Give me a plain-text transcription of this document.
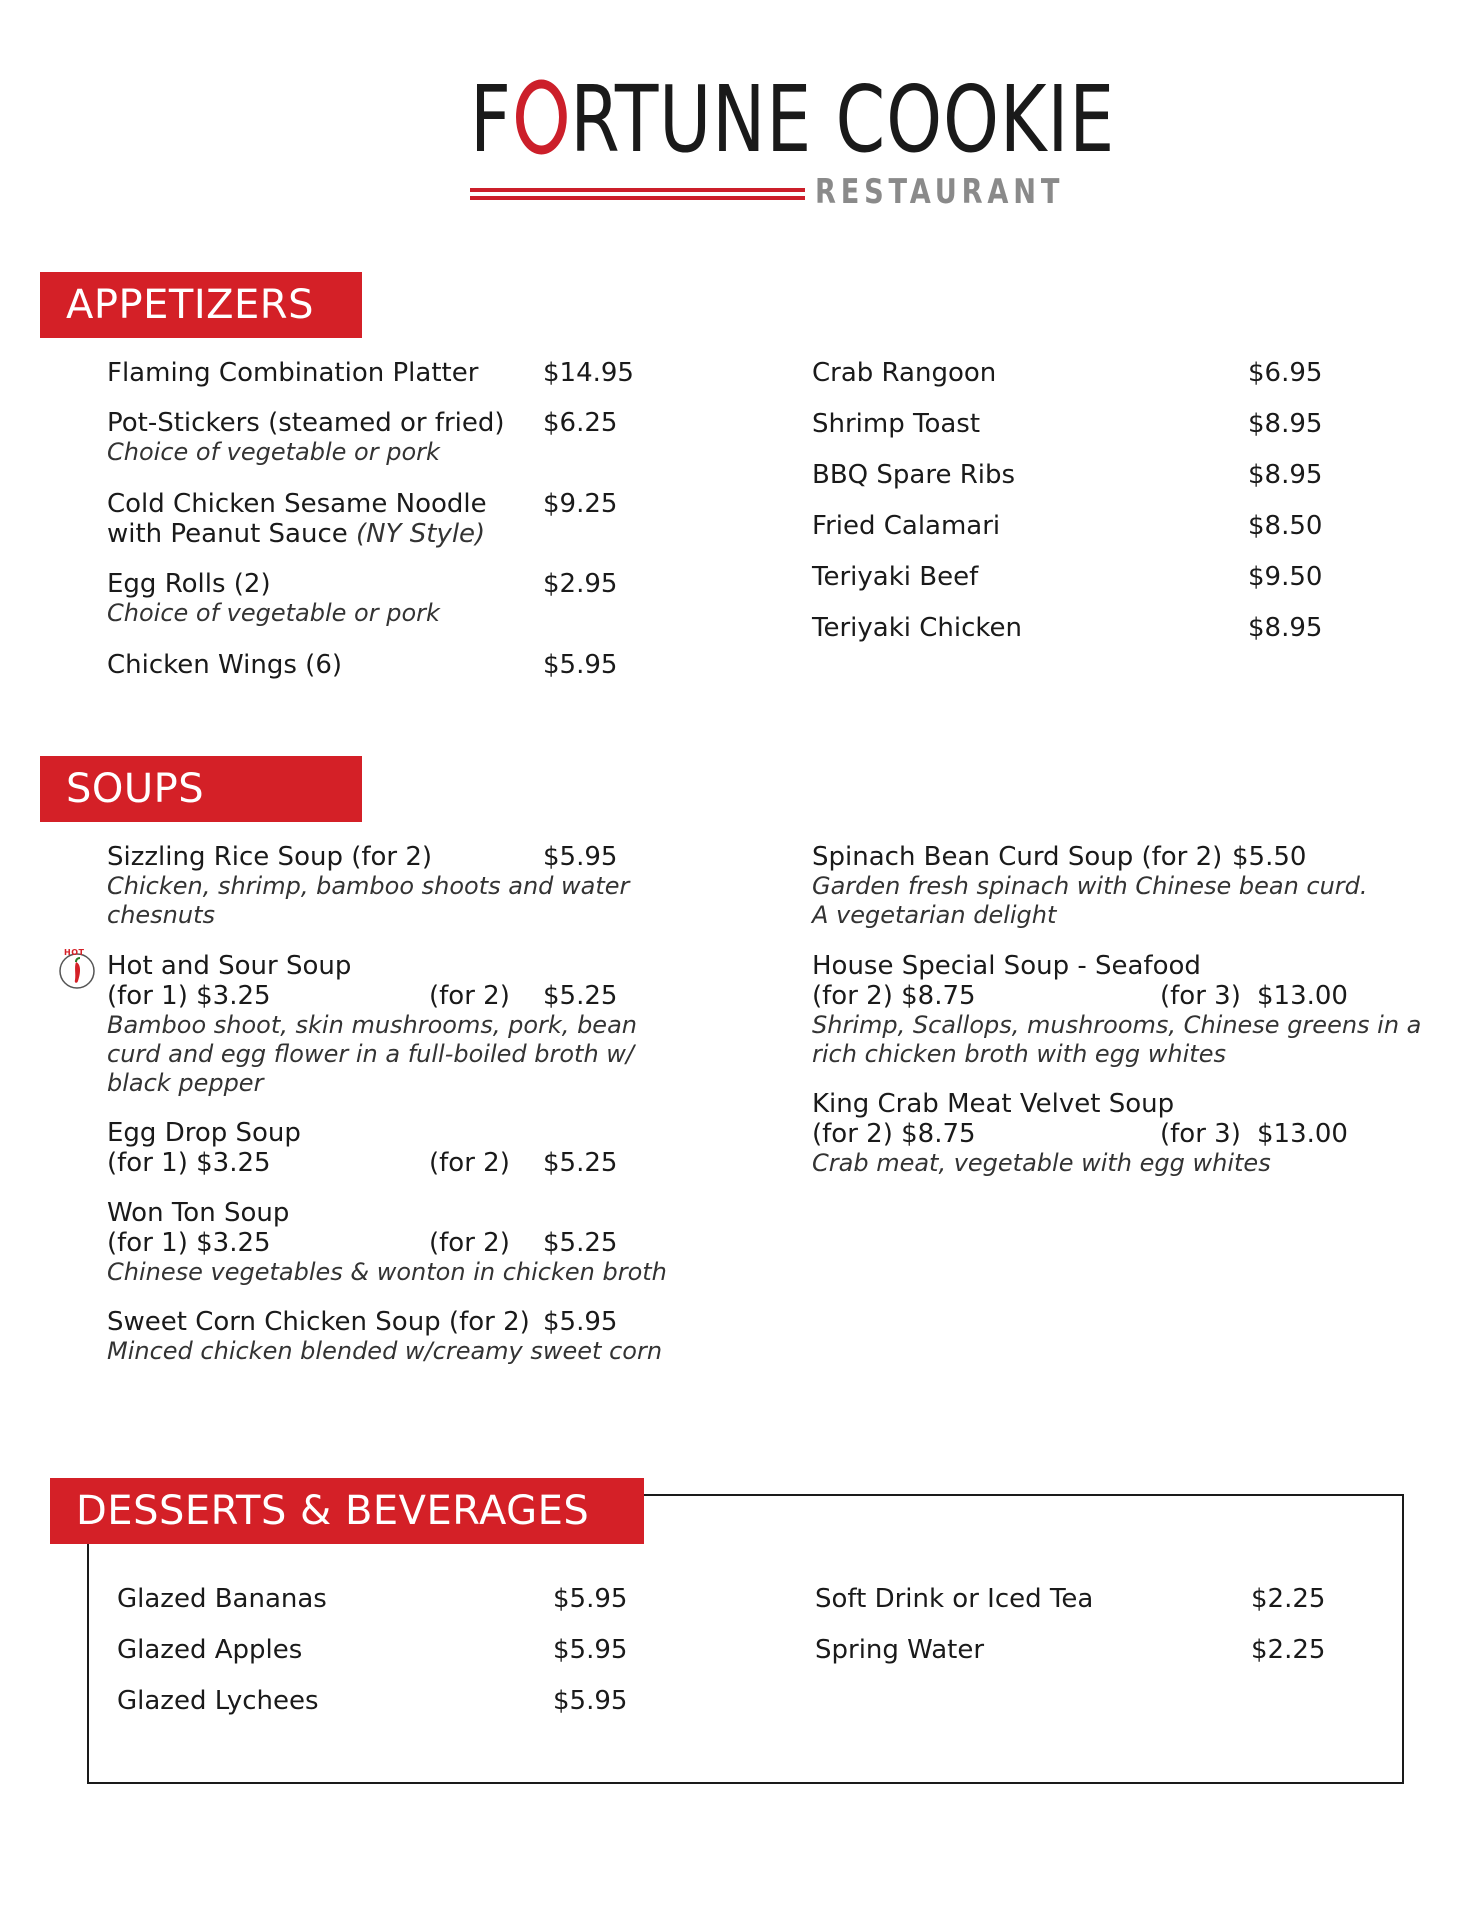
F RTUNE COOKIE
RESTAURANT
APPETIZERS
Flaming Combination Platter $14.95
Pot-Stickers (steamed or fried) $6.25
Choice of vegetable or pork
Cold Chicken Sesame Noodle $9.25
with Peanut Sauce (NY Style)
Egg Rolls (2)	$2.95
Choice of vegetable or pork
Chicken Wings (6)	$5.95
Crab Rangoon	$6.95
Shrimp Toast	$8.95
BBQ Spare Ribs	$8.95
Fried Calamari	$8.50
Teriyaki Beef	$9.50
Teriyaki Chicken	$8.95
SOUPS
HOT
Sizzling Rice Soup (for 2)	$5.95
Chicken, shrimp, bamboo shoots and water
chesnuts
Hot and Sour Soup
(for 1) $3.25	(for 2) $5.25
Bamboo shoot, skin mushrooms, pork, bean
curd and egg flower in a full-boiled broth w/
black pepper
Egg Drop Soup
(for 1) $3.25	(for 2) $5.25
Won Ton Soup
(for 1) $3.25	(for 2) $5.25
Chinese vegetables & wonton in chicken broth
Sweet Corn Chicken Soup (for 2) $5.95
Minced chicken blended w/creamy sweet corn
Spinach Bean Curd Soup (for 2) $5.50
Garden fresh spinach with Chinese bean curd.
A vegetarian delight
House Special Soup - Seafood
(for 2) $8.75	(for 3) $13.00
Shrimp, Scallops, mushrooms, Chinese greens in a
rich chicken broth with egg whites
King Crab Meat Velvet Soup
(for 2) $8.75	(for 3) $13.00
Crab meat, vegetable with egg whites
DESSERTS & BEVERAGES
Glazed Bananas	$5.95
Glazed Apples	$5.95
Glazed Lychees	$5.95
Soft Drink or Iced Tea	$2.25
Spring Water	$2.25
